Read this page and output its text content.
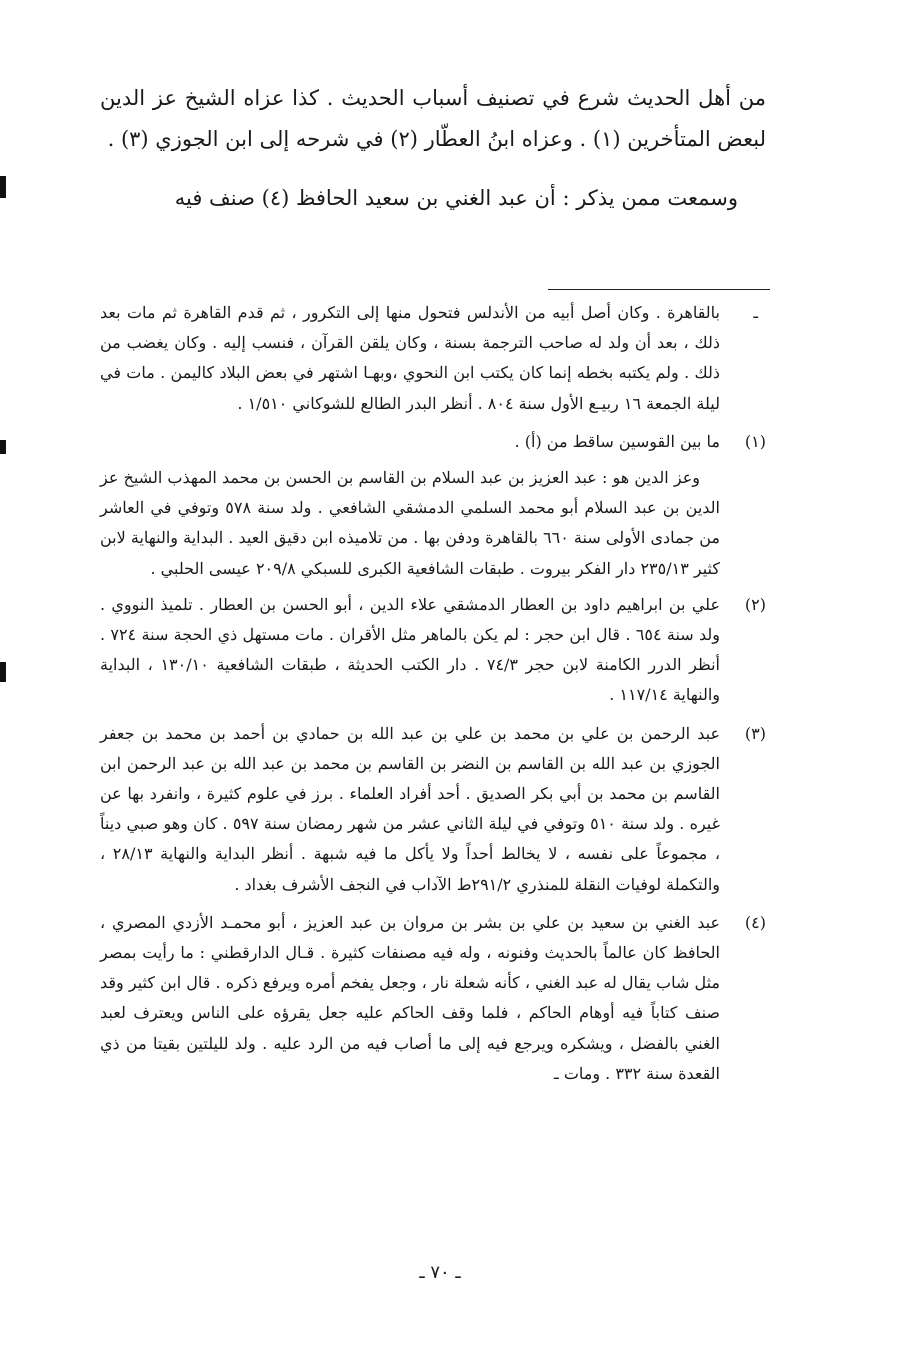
من أهل الحديث شرع في تصنيف أسباب الحديث . كذا عزاه الشيخ عز الدين لبعض المتأخرين (١) . وعزاه ابنُ العطّار (٢) في شرحه إلى ابن الجوزي (٣) .

وسمعت ممن يذكر : أن عبد الغني بن سعيد الحافظ (٤) صنف فيه

ـ
بالقاهرة . وكان أصل أبيه من الأندلس فتحول منها إلى التكرور ، ثم قدم القاهرة ثم مات بعد ذلك ، بعد أن ولد له صاحب الترجمة بسنة ، وكان يلقن القرآن ، فنسب إليه . وكان يغضب من ذلك . ولم يكتبه بخطه إنما كان يكتب ابن النحوي ،وبهـا اشتهر في بعض البلاد كاليمن . مات في ليلة الجمعة ١٦ ربيـع الأول سنة ٨٠٤ . أنظر البدر الطالع للشوكاني ١/٥١٠ .
(١)
ما بين القوسين ساقط من (أ) .
وعز الدين هو : عبد العزيز بن عبد السلام بن القاسم بن الحسن بن محمد المهذب الشيخ عز الدين بن عبد السلام أبو محمد السلمي الدمشقي الشافعي . ولد سنة ٥٧٨ وتوفي في العاشر من جمادى الأولى سنة ٦٦٠ بالقاهرة ودفن بها . من تلاميذه ابن دقيق العيد . البداية والنهاية لابن كثير ٢٣٥/١٣ دار الفكر بيروت . طبقات الشافعية الكبرى للسبكي ٢٠٩/٨ عيسى الحلبي .
(٢)
علي بن ابراهيم داود بن العطار الدمشقي علاء الدين ، أبو الحسن بن العطار . تلميذ النووي . ولد سنة ٦٥٤ . قال ابن حجر : لم يكن بالماهر مثل الأقران . مات مستهل ذي الحجة سنة ٧٢٤ . أنظر الدرر الكامنة لابن حجر ٧٤/٣ . دار الكتب الحديثة ، طبقات الشافعية ١٣٠/١٠ ، البداية والنهاية ١١٧/١٤ .
(٣)
عبد الرحمن بن علي بن محمد بن علي بن عبد الله بن حمادي بن أحمد بن محمد بن جعفر الجوزي بن عبد الله بن القاسم بن النضر بن القاسم بن محمد بن عبد الله بن عبد الرحمن ابن القاسم بن محمد بن أبي بكر الصديق . أحد أفراد العلماء . برز في علوم كثيرة ، وانفرد بها عن غيره . ولد سنة ٥١٠ وتوفي في ليلة الثاني عشر من شهر رمضان سنة ٥٩٧ . كان وهو صبي ديناً ، مجموعاً على نفسه ، لا يخالط أحداً ولا يأكل ما فيه شبهة . أنظر البداية والنهاية ٢٨/١٣ ، والتكملة لوفيات النقلة للمنذري ٢٩١/٢ط الآداب في النجف الأشرف بغداد .
(٤)
عبد الغني بن سعيد بن علي بن بشر بن مروان بن عبد العزيز ، أبو محمـد الأزدي المصري ، الحافظ كان عالماً بالحديث وفنونه ، وله فيه مصنفات كثيرة . قـال الدارقطني : ما رأيت بمصر مثل شاب يقال له عبد الغني ، كأنه شعلة نار ، وجعل يفخم أمره ويرفع ذكره . قال ابن كثير وقد صنف كتاباً فيه أوهام الحاكم ، فلما وقف الحاكم عليه جعل يقرؤه على الناس ويعترف لعبد الغني بالفضل ، ويشكره ويرجع فيه إلى ما أصاب فيه من الرد عليه . ولد لليلتين بقيتا من ذي القعدة سنة ٣٣٢ . ومات ـ
ـ ٧٠ ـ
